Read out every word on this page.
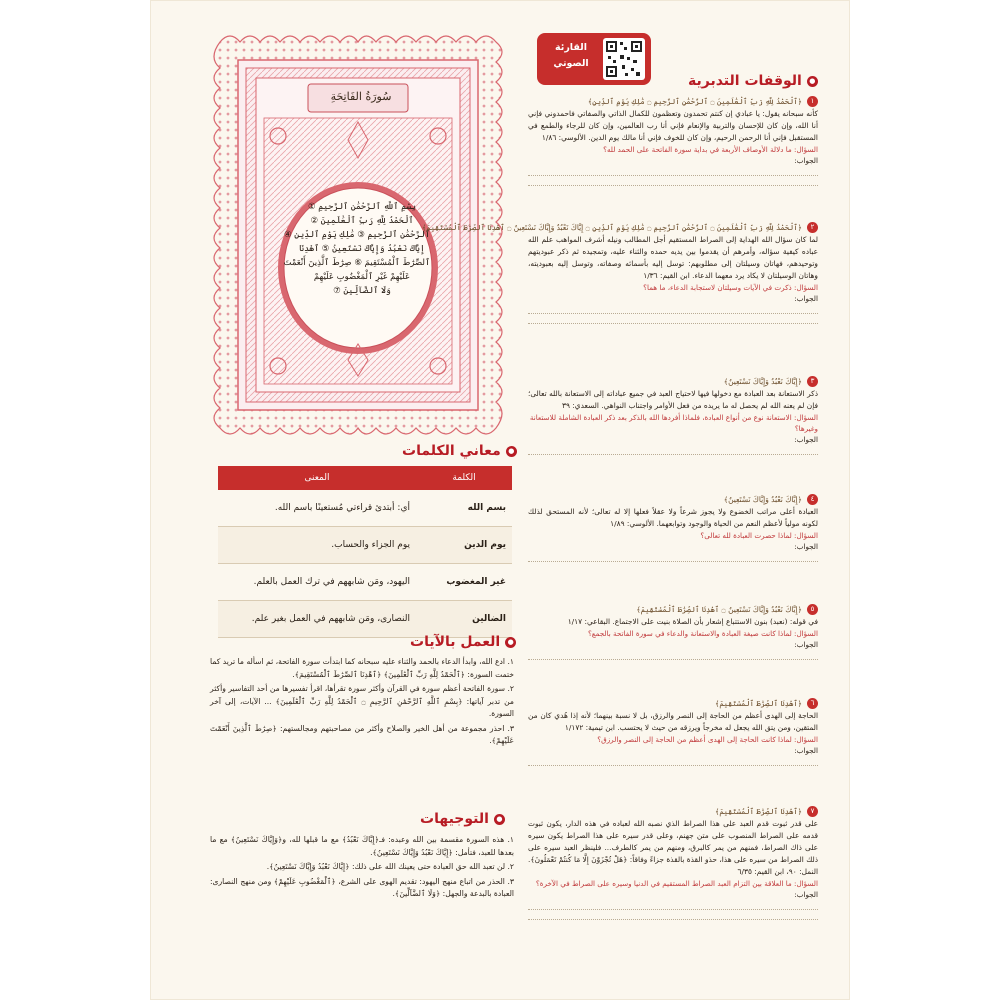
سُورَةُ الفَاتِحَةِ
بِسْمِ ٱللَّهِ ٱلرَّحْمَٰنِ ٱلرَّحِيمِ ①
ٱلْحَمْدُ لِلَّهِ رَبِّ ٱلْعَٰلَمِينَ ②
ٱلرَّحْمَٰنِ ٱلرَّحِيمِ ③ مَٰلِكِ يَوْمِ ٱلدِّينِ ④
إِيَّاكَ نَعْبُدُ وَإِيَّاكَ نَسْتَعِينُ ⑤ ٱهْدِنَا
ٱلصِّرَٰطَ ٱلْمُسْتَقِيمَ ⑥ صِرَٰطَ ٱلَّذِينَ أَنْعَمْتَ
عَلَيْهِمْ غَيْرِ ٱلْمَغْضُوبِ عَلَيْهِمْ
وَلَا ٱلضَّآلِّينَ ⑦
●
معاني الكلمات
الكلمة	المعنى
بسم الله	أي: أبتدئ قراءتي مُستعينًا باسم الله.
يوم الدين	يوم الجزاء والحساب.
غير المغضوب	اليهود، ومَن شابههم في ترك العمل بالعلم.
الضالين	النصارى، ومَن شابههم في العمل بغير علم.
●
العمل بالآيات

١. ادع الله، وابدأ الدعاء بالحمد والثناء عليه سبحانه كما ابتدأت سورة الفاتحة، ثم اسأله ما تريد كما ختمت السورة: ﴿ٱلْحَمْدُ لِلَّهِ رَبِّ ٱلْعَٰلَمِينَ﴾ ﴿ٱهْدِنَا ٱلصِّرَٰطَ ٱلْمُسْتَقِيمَ﴾.

٢. سورة الفاتحة أعظم سورة في القرآن وأكثر سورة تقرأها، اقرأ تفسيرها من أحد التفاسير وأكثر من تدبر آياتها: ﴿بِسْمِ ٱللَّهِ ٱلرَّحْمَٰنِ ٱلرَّحِيمِ ۝ ٱلْحَمْدُ لِلَّهِ رَبِّ ٱلْعَٰلَمِينَ﴾ ... الآيات، إلى آخر السورة.

٣. احذر مجموعة من أهل الخير والصلاح وأكثر من مصاحبتهم ومجالستهم: ﴿صِرَٰطَ ٱلَّذِينَ أَنْعَمْتَ عَلَيْهِمْ﴾.

●
التوجيهات

١. هذه السورة مقسمة بين الله وعبده: فـ﴿إِيَّاكَ نَعْبُدُ﴾ مع ما قبلها لله، و﴿وَإِيَّاكَ نَسْتَعِينُ﴾ مع ما بعدها للعبد، فتأمل: ﴿إِيَّاكَ نَعْبُدُ وَإِيَّاكَ نَسْتَعِينُ﴾.

٢. لن تعبد الله حق العبادة حتى يعينك الله على ذلك: ﴿إِيَّاكَ نَعْبُدُ وَإِيَّاكَ نَسْتَعِينُ﴾.

٣. الحذر من اتباع منهج اليهود: تقديم الهوى على الشرع، ﴿ٱلْمَغْضُوبِ عَلَيْهِمْ﴾ ومن منهج النصارى: العبادة بالبدعة والجهل: ﴿وَلَا ٱلضَّآلِّينَ﴾.

القارئة
الصوتي
●
الوقفات التدبرية
١
﴿ٱلْحَمْدُ لِلَّهِ رَبِّ ٱلْعَٰلَمِينَ ۝ ٱلرَّحْمَٰنِ ٱلرَّحِيمِ ۝ مَٰلِكِ يَوْمِ ٱلدِّينِ﴾
كأنه سبحانه يقول: يا عبادي إن كنتم تحمدون وتعظمون للكمال الذاتي والصفاتي فاحمدوني فإني أنا الله، وإن كان للإحسان والتربية والإنعام فإني أنا رب العالمين، وإن كان للرجاء والطمع في المستقبل فإني أنا الرحمن الرحيم، وإن كان للخوف فإني أنا مالك يوم الدين. الألوسي: ١/٨٦
السؤال: ما دلالة الأوصاف الأربعة في بداية سورة الفاتحة على الحمد لله؟
الجواب:
٢
﴿ٱلْحَمْدُ لِلَّهِ رَبِّ ٱلْعَٰلَمِينَ ۝ ٱلرَّحْمَٰنِ ٱلرَّحِيمِ ۝ مَٰلِكِ يَوْمِ ٱلدِّينِ ۝ إِيَّاكَ نَعْبُدُ وَإِيَّاكَ نَسْتَعِينُ ۝ ٱهْدِنَا ٱلصِّرَٰطَ ٱلْمُسْتَقِيمَ﴾
لما كان سؤال الله الهداية إلى الصراط المستقيم أجل المطالب ونيله أشرف المواهب علم الله عباده كيفية سؤاله، وأمرهم أن يقدموا بين يديه حمده والثناء عليه، وتمجيده ثم ذكر عبوديتهم وتوحيدهم، فهاتان وسيلتان إلى مطلوبهم: توسل إليه بأسمائه وصفاته، وتوسل إليه بعبوديته، وهاتان الوسيلتان لا يكاد يرد معهما الدعاء. ابن القيم: ١/٣٦
السؤال: ذكرت في الآيات وسيلتان لاستجابة الدعاء، ما هما؟
الجواب:
٣
﴿إِيَّاكَ نَعْبُدُ وَإِيَّاكَ نَسْتَعِينُ﴾
ذكر الاستعانة بعد العبادة مع دخولها فيها لاحتياج العبد في جميع عباداته إلى الاستعانة بالله تعالى؛ فإن لم يعنه الله لم يحصل له ما يريده من فعل الأوامر واجتناب النواهي. السعدي: ٣٩
السؤال: الاستعانة نوع من أنواع العبادة، فلماذا أفردها الله بالذكر بعد ذكر العبادة الشاملة للاستعانة وغيرها؟
الجواب:
٤
﴿إِيَّاكَ نَعْبُدُ وَإِيَّاكَ نَسْتَعِينُ﴾
العبادة أعلى مراتب الخضوع ولا يجوز شرعاً ولا عقلاً فعلها إلا له تعالى؛ لأنه المستحق لذلك لكونه مولياً لأعظم النعم من الحياة والوجود وتوابعهما. الألوسي: ١/٨٩
السؤال: لماذا حصرت العبادة لله تعالى؟
الجواب:
٥
﴿إِيَّاكَ نَعْبُدُ وَإِيَّاكَ نَسْتَعِينُ ۝ ٱهْدِنَا ٱلصِّرَٰطَ ٱلْمُسْتَقِيمَ﴾
في قوله: (نعبد) بنون الاستتباع إشعار بأن الصلاة بنيت على الاجتماع. البقاعي: ١/١٧
السؤال: لماذا كانت صيغة العبادة والاستعانة والدعاء في سورة الفاتحة بالجمع؟
الجواب:
٦
﴿ٱهْدِنَا ٱلصِّرَٰطَ ٱلْمُسْتَقِيمَ﴾
الحاجة إلى الهدى أعظم من الحاجة إلى النصر والرزق، بل لا نسبة بينهما؛ لأنه إذا هُدي كان من المتقين، ومن يتق الله يجعل له مخرجاً ويرزقه من حيث لا يحتسب. ابن تيمية: ١/١٧٢
السؤال: لماذا كانت الحاجة إلى الهدى أعظم من الحاجة إلى النصر والرزق؟
الجواب:
٧
﴿ٱهْدِنَا ٱلصِّرَٰطَ ٱلْمُسْتَقِيمَ﴾
على قدر ثبوت قدم العبد على هذا الصراط الذي نصبه الله لعباده في هذه الدار، يكون ثبوت قدمه على الصراط المنصوب على متن جهنم، وعلى قدر سيره على هذا الصراط يكون سيره على ذاك الصراط، فمنهم من يمر كالبرق، ومنهم من يمر كالطرف... فلينظر العبد سيره على ذلك الصراط من سيره على هذا، حذو القذة بالقذة جزاءً وفاقاً: ﴿هَلْ تُجْزَوْنَ إِلَّا مَا كُنتُمْ تَعْمَلُونَ﴾. النمل: ٩٠، ابن القيم: ٦/٣٥
السؤال: ما العلاقة بين التزام العبد الصراط المستقيم في الدنيا وسيره على الصراط في الآخرة؟
الجواب:
